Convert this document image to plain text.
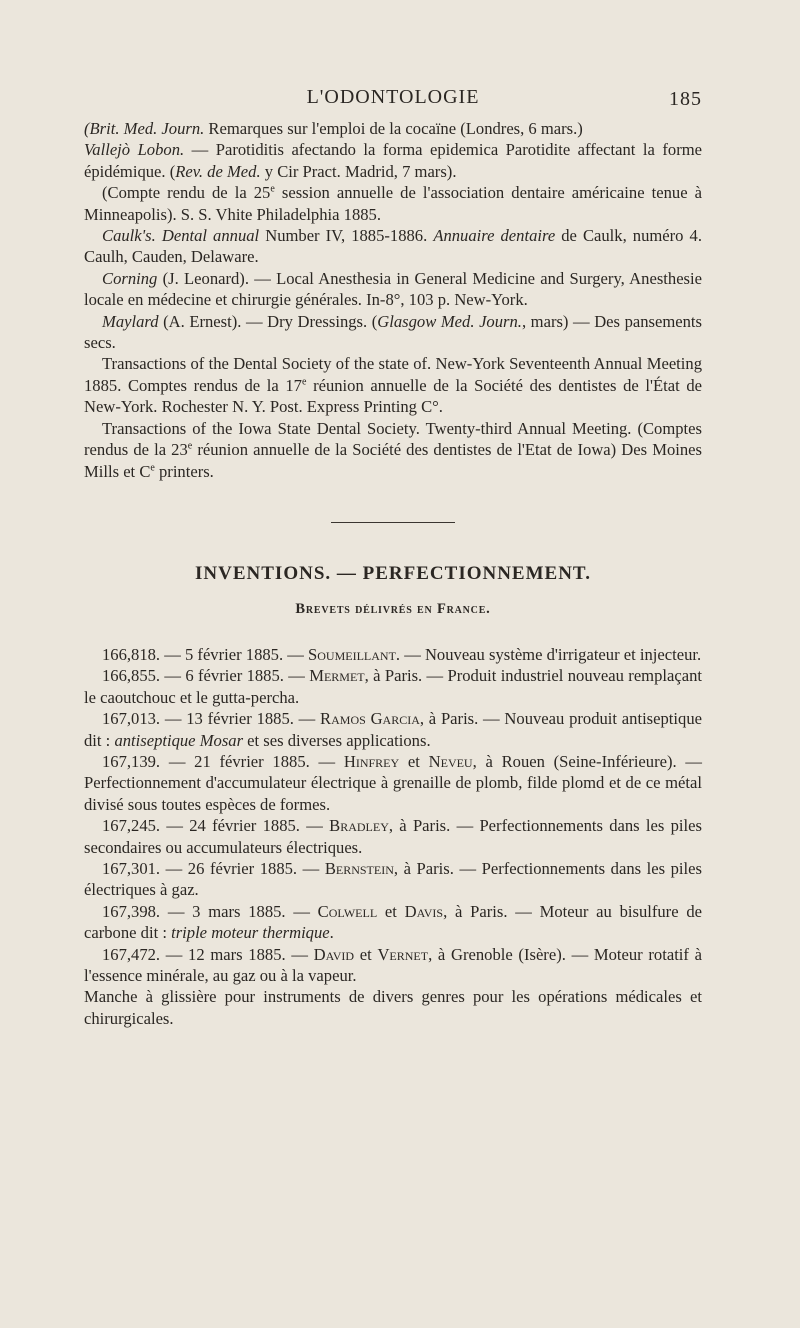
L'ODONTOLOGIE	185

(Brit. Med. Journ. Remarques sur l'emploi de la cocaïne (Londres, 6 mars.)

Vallejò Lobon. — Parotiditis afectando la forma epidemica Parotidite affectant la forme épidémique. (Rev. de Med. y Cir Pract. Madrid, 7 mars).

(Compte rendu de la 25e session annuelle de l'association dentaire américaine tenue à Minneapolis). S. S. Vhite Philadelphia 1885.

Caulk's. Dental annual Number IV, 1885-1886. Annuaire dentaire de Caulk, numéro 4. Caulh, Cauden, Delaware.

Corning (J. Leonard). — Local Anesthesia in General Medicine and Surgery, Anesthesie locale en médecine et chirurgie générales. In-8°, 103 p. New-York.

Maylard (A. Ernest). — Dry Dressings. (Glasgow Med. Journ., mars) — Des pansements secs.

Transactions of the Dental Society of the state of. New-York Seventeenth Annual Meeting 1885. Comptes rendus de la 17e réunion annuelle de la Société des dentistes de l'État de New-York. Rochester N. Y. Post. Express Printing C°.

Transactions of the Iowa State Dental Society. Twenty-third Annual Meeting. (Comptes rendus de la 23e réunion annuelle de la Société des dentistes de l'Etat de Iowa) Des Moines Mills et Ce printers.

INVENTIONS. — PERFECTIONNEMENT.
Brevets délivrés en France.

166,818. — 5 février 1885. — Soumeillant. — Nouveau système d'irrigateur et injecteur.

166,855. — 6 février 1885. — Mermet, à Paris. — Produit industriel nouveau remplaçant le caoutchouc et le gutta-percha.

167,013. — 13 février 1885. — Ramos Garcia, à Paris. — Nouveau produit antiseptique dit : antiseptique Mosar et ses diverses applications.

167,139. — 21 février 1885. — Hinfrey et Neveu, à Rouen (Seine-Inférieure). — Perfectionnement d'accumulateur électrique à grenaille de plomb, filde plomd et de ce métal divisé sous toutes espèces de formes.

167,245. — 24 février 1885. — Bradley, à Paris. — Perfectionnements dans les piles secondaires ou accumulateurs électriques.

167,301. — 26 février 1885. — Bernstein, à Paris. — Perfectionnements dans les piles électriques à gaz.

167,398. — 3 mars 1885. — Colwell et Davis, à Paris. — Moteur au bisulfure de carbone dit : triple moteur thermique.

167,472. — 12 mars 1885. — David et Vernet, à Grenoble (Isère). — Moteur rotatif à l'essence minérale, au gaz ou à la vapeur.

Manche à glissière pour instruments de divers genres pour les opérations médicales et chirurgicales.
